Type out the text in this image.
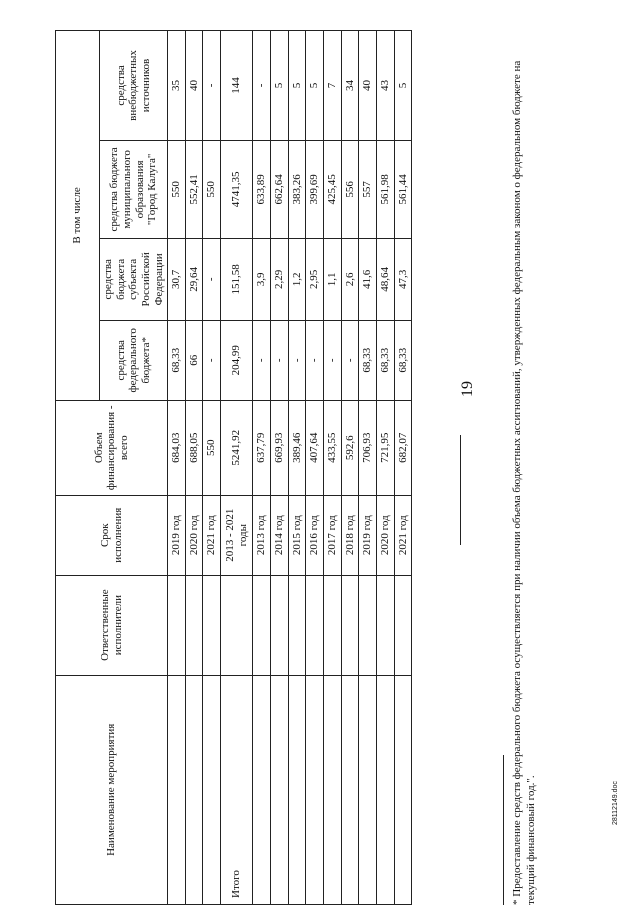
19
Наименование мероприятия	Ответственные исполнители	Срок исполнения	Объем финансирования - всего	В том числе			
				средства федерального бюджета*	средства бюджета субъекта Российской Федерации	средства бюджета муниципального образования "Город Калуга"	средства внебюджетных источников
		2019 год	684,03	68,33	30,7	550	35
		2020 год	688,05	66	29,64	552,41	40
		2021 год	550	-	-	550	-
Итого		2013 - 2021 годы	5241,92	204,99	151,58	4741,35	144
		2013 год	637,79	-	3,9	633,89	-
		2014 год	669,93	-	2,29	662,64	5
		2015 год	389,46	-	1,2	383,26	5
		2016 год	407,64	-	2,95	399,69	5
		2017 год	433,55	-	1,1	425,45	7
		2018 год	592,6	-	2,6	556	34
		2019 год	706,93	68,33	41,6	557	40
		2020 год	721,95	68,33	48,64	561,98	43
		2021 год	682,07	68,33	47,3	561,44	5	* Предоставление средств федерального бюджета осуществляется при наличии объема бюджетных ассигнований, утвержденных федеральным законом о федеральном бюджете на текущий финансовый год.".	28112149.doc
